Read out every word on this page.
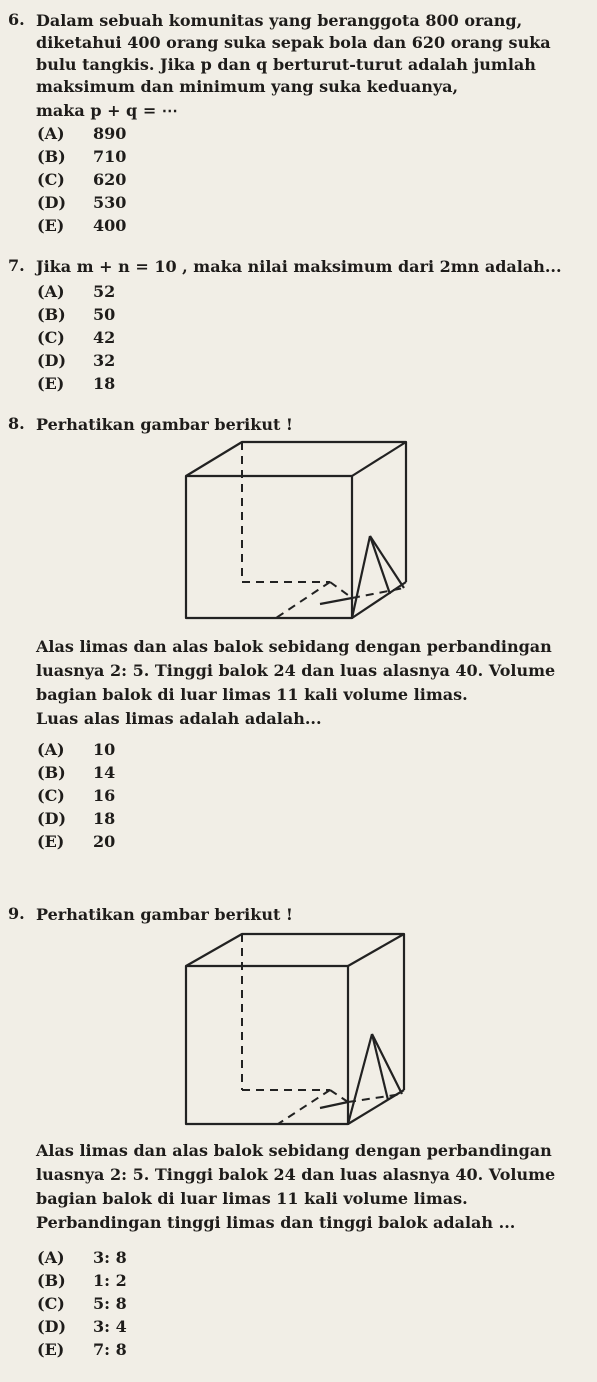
6. Dalam sebuah komunitas yang beranggota 800 orang,
diketahui 400 orang suka sepak bola dan 620 orang suka
bulu tangkis. Jika p dan q berturut-turut adalah jumlah
maksimum dan minimum yang suka keduanya,
maka p + q = ⋯
(A) 890
(B) 710
(C) 620
(D) 530
(E) 400
7. Jika m + n = 10 , maka nilai maksimum dari 2mn adalah...
(A) 52
(B) 50
(C) 42
(D) 32
(E) 18
8. Perhatikan gambar berikut !
Alas limas dan alas balok sebidang dengan perbandingan
luasnya 2: 5. Tinggi balok 24 dan luas alasnya 40. Volume
bagian balok di luar limas 11 kali volume limas.
Luas alas limas adalah adalah...
(A) 10
(B) 14
(C) 16
(D) 18
(E) 20
9. Perhatikan gambar berikut !
Alas limas dan alas balok sebidang dengan perbandingan
luasnya 2: 5. Tinggi balok 24 dan luas alasnya 40. Volume
bagian balok di luar limas 11 kali volume limas.
Perbandingan tinggi limas dan tinggi balok adalah ...
(A) 3: 8
(B) 1: 2
(C) 5: 8
(D) 3: 4
(E) 7: 8
